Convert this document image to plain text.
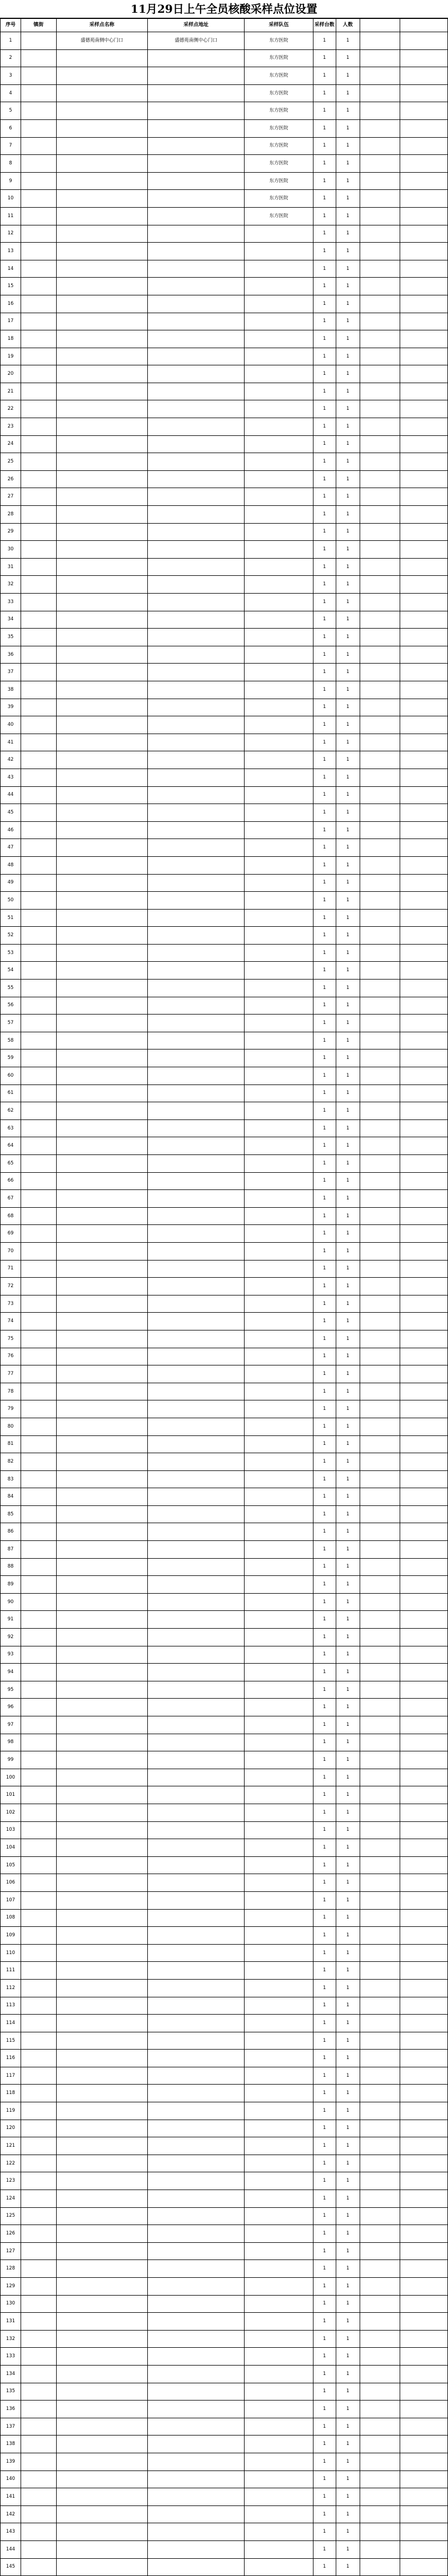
11月29日上午全员核酸采样点位设置
序号	镇街	采样点名称	采样点地址	采样队伍	采样台数	人数		
1		盛德苑南侧中心门口	盛德苑南侧中心门口	东方医院	1	1		
2				东方医院	1	1		
3				东方医院	1	1		
4				东方医院	1	1		
5				东方医院	1	1		
6				东方医院	1	1		
7				东方医院	1	1		
8				东方医院	1	1		
9				东方医院	1	1		
10				东方医院	1	1		
11				东方医院	1	1		
12					1	1		
13					1	1		
14					1	1		
15					1	1		
16					1	1		
17					1	1		
18					1	1		
19					1	1		
20					1	1		
21					1	1		
22					1	1		
23					1	1		
24					1	1		
25					1	1		
26					1	1		
27					1	1		
28					1	1		
29					1	1		
30					1	1		
31					1	1		
32					1	1		
33					1	1		
34					1	1		
35					1	1		
36					1	1		
37					1	1		
38					1	1		
39					1	1		
40					1	1		
41					1	1		
42					1	1		
43					1	1		
44					1	1		
45					1	1		
46					1	1		
47					1	1		
48					1	1		
49					1	1		
50					1	1		
51					1	1		
52					1	1		
53					1	1		
54					1	1		
55					1	1		
56					1	1		
57					1	1		
58					1	1		
59					1	1		
60					1	1		
61					1	1		
62					1	1		
63					1	1		
64					1	1		
65					1	1		
66					1	1		
67					1	1		
68					1	1		
69					1	1		
70					1	1		
71					1	1		
72					1	1		
73					1	1		
74					1	1		
75					1	1		
76					1	1		
77					1	1		
78					1	1		
79					1	1		
80					1	1		
81					1	1		
82					1	1		
83					1	1		
84					1	1		
85					1	1		
86					1	1		
87					1	1		
88					1	1		
89					1	1		
90					1	1		
91					1	1		
92					1	1		
93					1	1		
94					1	1		
95					1	1		
96					1	1		
97					1	1		
98					1	1		
99					1	1		
100					1	1		
101					1	1		
102					1	1		
103					1	1		
104					1	1		
105					1	1		
106					1	1		
107					1	1		
108					1	1		
109					1	1		
110					1	1		
111					1	1		
112					1	1		
113					1	1		
114					1	1		
115					1	1		
116					1	1		
117					1	1		
118					1	1		
119					1	1		
120					1	1		
121					1	1		
122					1	1		
123					1	1		
124					1	1		
125					1	1		
126					1	1		
127					1	1		
128					1	1		
129					1	1		
130					1	1		
131					1	1		
132					1	1		
133					1	1		
134					1	1		
135					1	1		
136					1	1		
137					1	1		
138					1	1		
139					1	1		
140					1	1		
141					1	1		
142					1	1		
143					1	1		
144					1	1		
145					1	1		
